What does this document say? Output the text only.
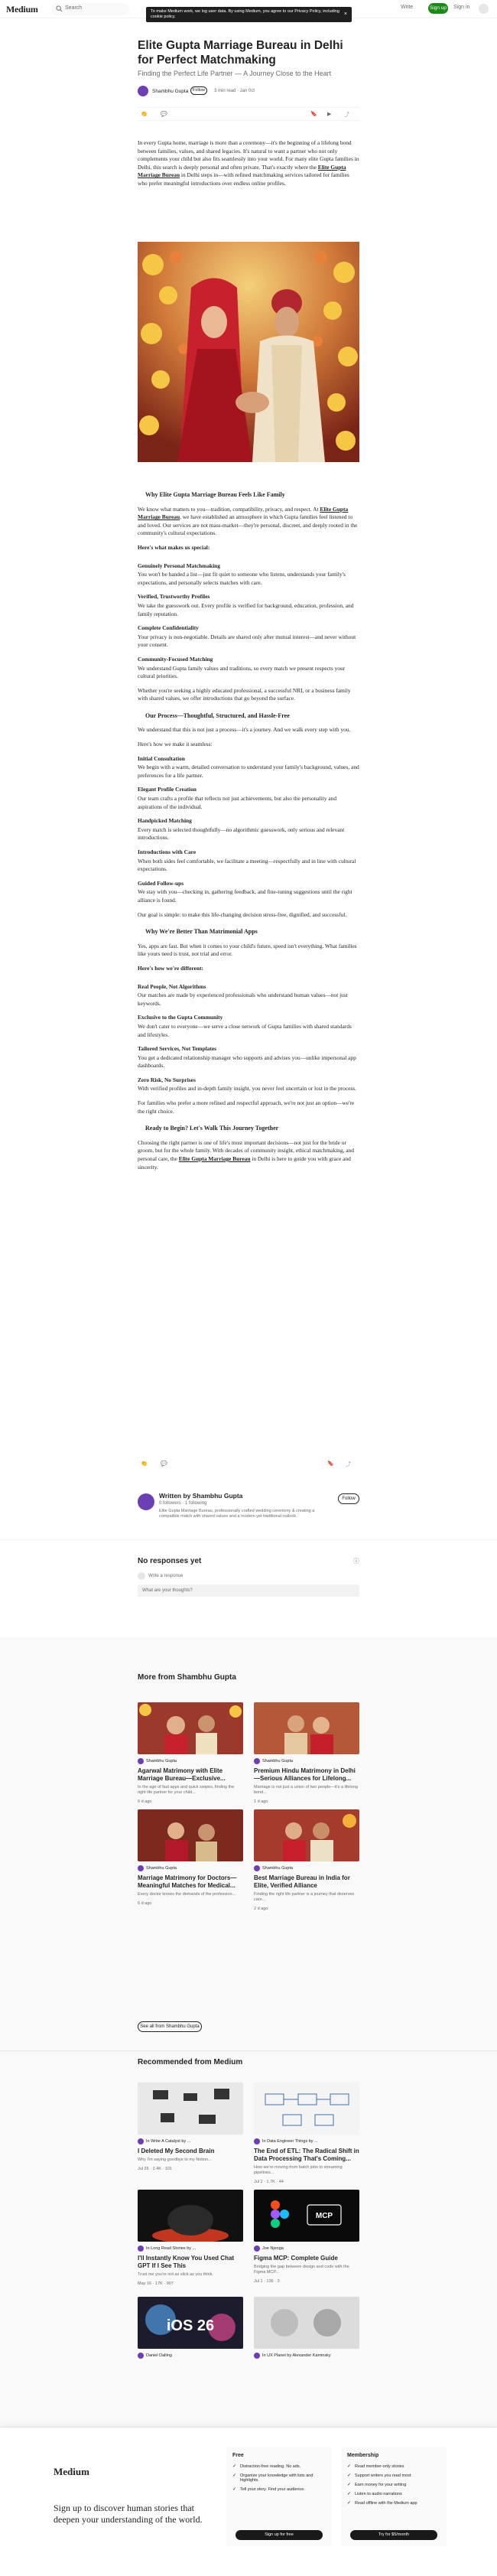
Medium	Search	Write	Sign up Sign in
To make Medium work, we log user data. By using Medium, you agree to our Privacy Policy, including cookie policy.	×
Elite Gupta Marriage Bureau in Delhi for Perfect Matchmaking
Finding the Perfect Life Partner — A Journey Close to the Heart
Shambhu Gupta	Follow	3 min read · Jan 0ct
👏 💬	🔖 ▶ ⤴

In every Gupta home, marriage is more than a ceremony—it's the beginning of a lifelong bond between families, values, and shared legacies. It's natural to want a partner who not only complements your child but also fits seamlessly into your world. For many elite Gupta families in Delhi, this search is deeply personal and often private. That's exactly where the Elite Gupta Marriage Bureau in Delhi steps in—with refined matchmaking services tailored for families who prefer meaningful introductions over endless online profiles.

Why Elite Gupta Marriage Bureau Feels Like Family

We know what matters to you—tradition, compatibility, privacy, and respect. At Elite Gupta Marriage Bureau, we have established an atmosphere in which Gupta families feel listened to and loved. Our services are not mass-market—they're personal, discreet, and deeply rooted in the community's cultural expectations.

Here's what makes us special:
Genuinely Personal Matchmaking

You won't be handed a list—just fit quiet to someone who listens, understands your family's expectations, and personally selects matches with care.

Verified, Trustworthy Profiles

We take the guesswork out. Every profile is verified for background, education, profession, and family reputation.

Complete Confidentiality

Your privacy is non-negotiable. Details are shared only after mutual interest—and never without your consent.

Community-Focused Matching

We understand Gupta family values and traditions, so every match we present respects your cultural priorities.

Whether you're seeking a highly educated professional, a successful NRI, or a business family with shared values, we offer introductions that go beyond the surface.

Our Process—Thoughtful, Structured, and Hassle-Free

We understand that this is not just a process—it's a journey. And we walk every step with you.

Here's how we make it seamless:

Initial Consultation

We begin with a warm, detailed conversation to understand your family's background, values, and preferences for a life partner.

Elegant Profile Creation

Our team crafts a profile that reflects not just achievements, but also the personality and aspirations of the individual.

Handpicked Matching

Every match is selected thoughtfully—no algorithmic guesswork, only serious and relevant introductions.

Introductions with Care

When both sides feel comfortable, we facilitate a meeting—respectfully and in line with cultural expectations.

Guided Follow-ups

We stay with you—checking in, gathering feedback, and fine-tuning suggestions until the right alliance is found.

Our goal is simple: to make this life-changing decision stress-free, dignified, and successful.

Why We're Better Than Matrimonial Apps

Yes, apps are fast. But when it comes to your child's future, speed isn't everything. What families like yours need is trust, not trial and error.

Here's how we're different:
Real People, Not Algorithms

Our matches are made by experienced professionals who understand human values—not just keywords.

Exclusive to the Gupta Community

We don't cater to everyone—we serve a close network of Gupta families with shared standards and lifestyles.

Tailored Services, Not Templates

You get a dedicated relationship manager who supports and advises you—unlike impersonal app dashboards.

Zero Risk, No Surprises

With verified profiles and in-depth family insight, you never feel uncertain or lost in the process.

For families who prefer a more refined and respectful approach, we're not just an option—we're the right choice.

Ready to Begin? Let's Walk This Journey Together

Choosing the right partner is one of life's most important decisions—not just for the bride or groom, but for the whole family. With decades of community insight, ethical matchmaking, and personal care, the Elite Gupta Marriage Bureau in Delhi is here to guide you with grace and sincerity.

👏 💬	🔖 ⤴
Written by Shambhu Gupta
0 followers · 1 following
Elite Gupta Marriage Bureau, professionally crafted wedding ceremony & creating a compatible match with shared values and a modern yet traditional outlook.
Follow
No responses yet	ⓘ
Write a response
What are your thoughts?
More from Shambhu Gupta
Shambhu Gupta
Agarwal Matrimony with Elite Marriage Bureau—Exclusive...
In the age of fast apps and quick swipes, finding the right life partner for your child...
6 d ago
Shambhu Gupta
Premium Hindu Matrimony in Delhi —Serious Alliances for Lifelong...
Marriage is not just a union of two people—it's a lifelong bond...
1 d ago
Shambhu Gupta
Marriage Matrimony for Doctors—Meaningful Matches for Medical...
Every doctor knows the demands of the profession...
6 d ago
Shambhu Gupta
Best Marriage Bureau in India for Elite, Verified Alliance
Finding the right life partner is a journey that deserves care...
2 d ago
See all from Shambhu Gupta
Recommended from Medium
In Write A Catalyst by ...
I Deleted My Second Brain
Why I'm saying goodbye to my Notion...
Jul 26 · 2.4K · 101
In Data Engineer Things by ...
The End of ETL: The Radical Shift in Data Processing That's Coming...
How we're moving from batch jobs to streaming pipelines...
Jul 2 · 1.7K · 44
In Long Read Stories by ...
I'll Instantly Know You Used Chat GPT If I See This
Trust me you're not as slick as you think.
May 16 · 17K · 907
MCP
Joe Njenga
Figma MCP: Complete Guide
Bridging the gap between design and code with the Figma MCP...
Jul 1 · 136 · 3
iOS 26
Daniel Dalling	In UX Planet by Alexander Kaminsky
Medium
Sign up to discover human stories that deepen your understanding of the world.
Free
✓ Distraction-free reading. No ads.
✓ Organize your knowledge with lists and highlights.
✓ Tell your story. Find your audience.
Sign up for free
Membership
✓ Read member-only stories
✓ Support writers you read most
✓ Earn money for your writing
✓ Listen to audio narrations
✓ Read offline with the Medium app
Try for $5/month
